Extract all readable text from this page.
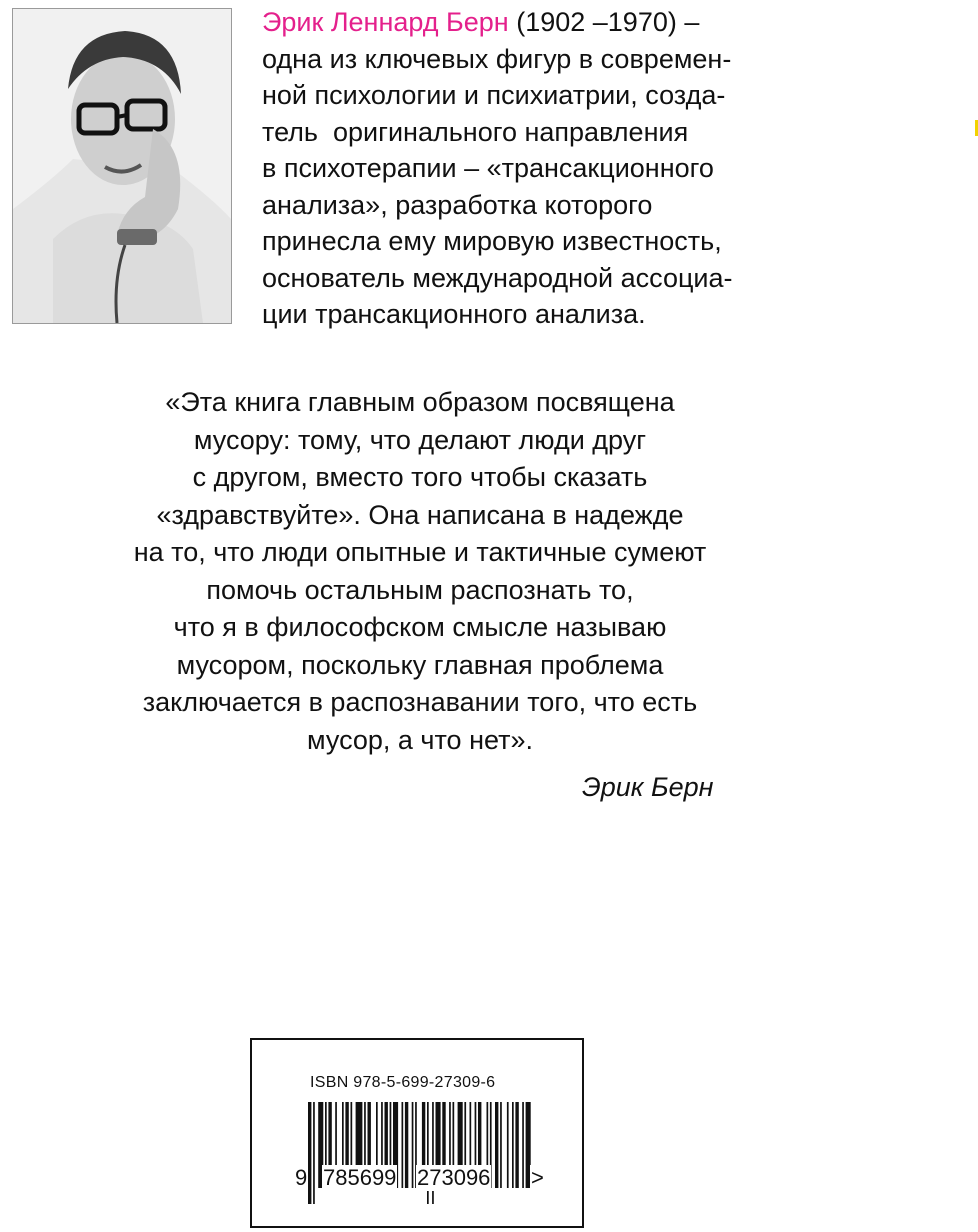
Эрик Леннард Берн (1902 –1970) –
одна из ключевых фигур в современ-
ной психологии и психиатрии, созда-
тель  оригинального направления
в психотерапии – «трансакционного
анализа», разработка которого
принесла ему мировую известность,
основатель международной ассоциа-
ции трансакционного анализа.
«Эта книга главным образом посвящена
мусору: тому, что делают люди друг
с другом, вместо того чтобы сказать
«здравствуйте». Она написана в надежде
на то, что люди опытные и тактичные сумеют
помочь остальным распознать то,
что я в философском смысле называю
мусором, поскольку главная проблема
заключается в распознавании того, что есть
мусор, а что нет».
Эрик Берн
ISBN 978-5-699-27309-6
9 785699 273096 >
